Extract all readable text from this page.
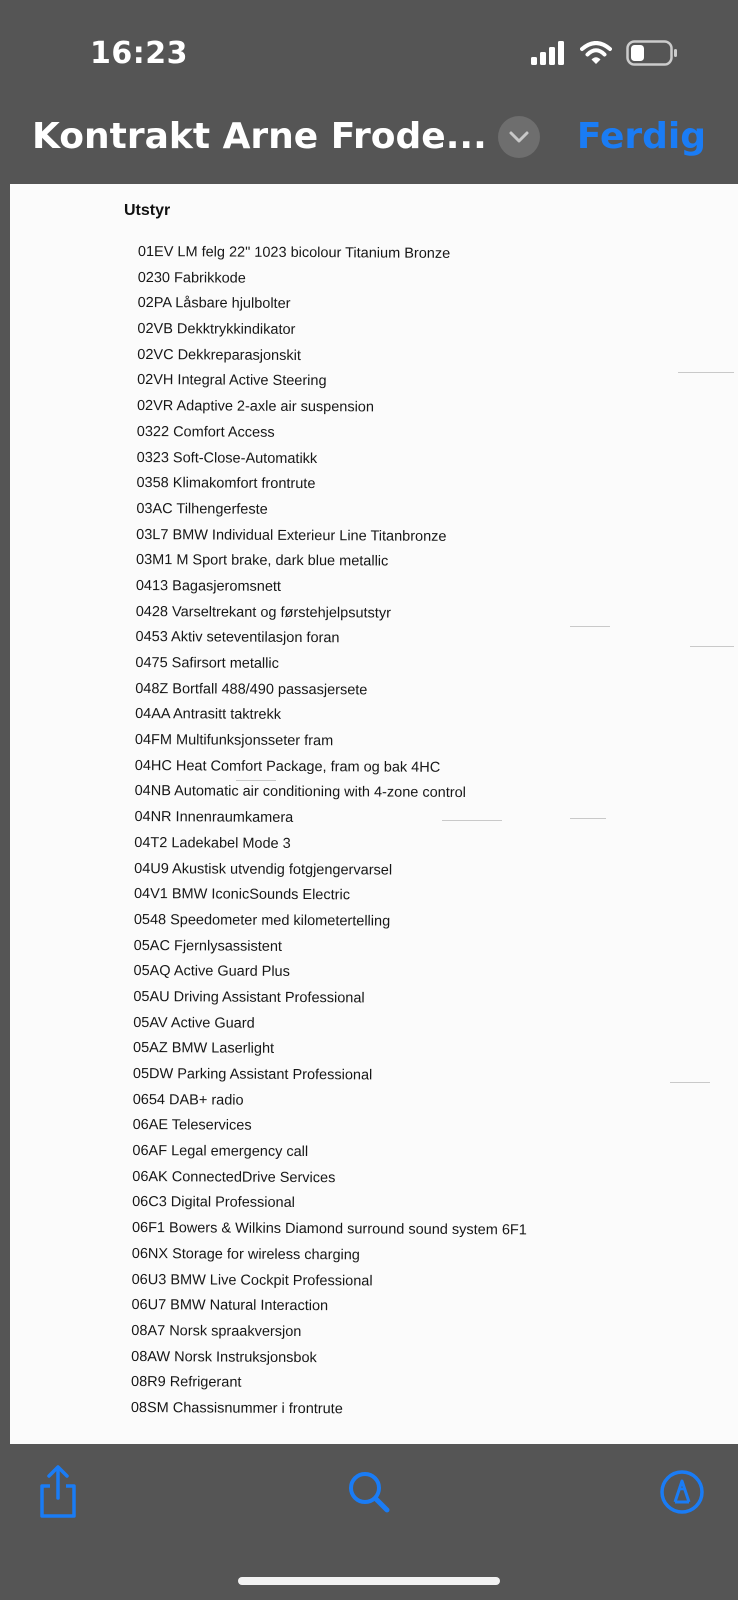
16:23
Kontrakt Arne Frode...	Ferdig
Utstyr
01EV LM felg 22" 1023 bicolour Titanium Bronze
0230 Fabrikkode
02PA Låsbare hjulbolter
02VB Dekktrykkindikator
02VC Dekkreparasjonskit
02VH Integral Active Steering
02VR Adaptive 2-axle air suspension
0322 Comfort Access
0323 Soft-Close-Automatikk
0358 Klimakomfort frontrute
03AC Tilhengerfeste
03L7 BMW Individual Exterieur Line Titanbronze
03M1 M Sport brake, dark blue metallic
0413 Bagasjeromsnett
0428 Varseltrekant og førstehjelpsutstyr
0453 Aktiv seteventilasjon foran
0475 Safirsort metallic
048Z Bortfall 488/490 passasjersete
04AA Antrasitt taktrekk
04FM Multifunksjonsseter fram
04HC Heat Comfort Package, fram og bak 4HC
04NB Automatic air conditioning with 4-zone control
04NR Innenraumkamera
04T2 Ladekabel Mode 3
04U9 Akustisk utvendig fotgjengervarsel
04V1 BMW IconicSounds Electric
0548 Speedometer med kilometertelling
05AC Fjernlysassistent
05AQ Active Guard Plus
05AU Driving Assistant Professional
05AV Active Guard
05AZ BMW Laserlight
05DW Parking Assistant Professional
0654 DAB+ radio
06AE Teleservices
06AF Legal emergency call
06AK ConnectedDrive Services
06C3 Digital Professional
06F1 Bowers & Wilkins Diamond surround sound system 6F1
06NX Storage for wireless charging
06U3 BMW Live Cockpit Professional
06U7 BMW Natural Interaction
08A7 Norsk spraakversjon
08AW Norsk Instruksjonsbok
08R9 Refrigerant
08SM Chassisnummer i frontrute
